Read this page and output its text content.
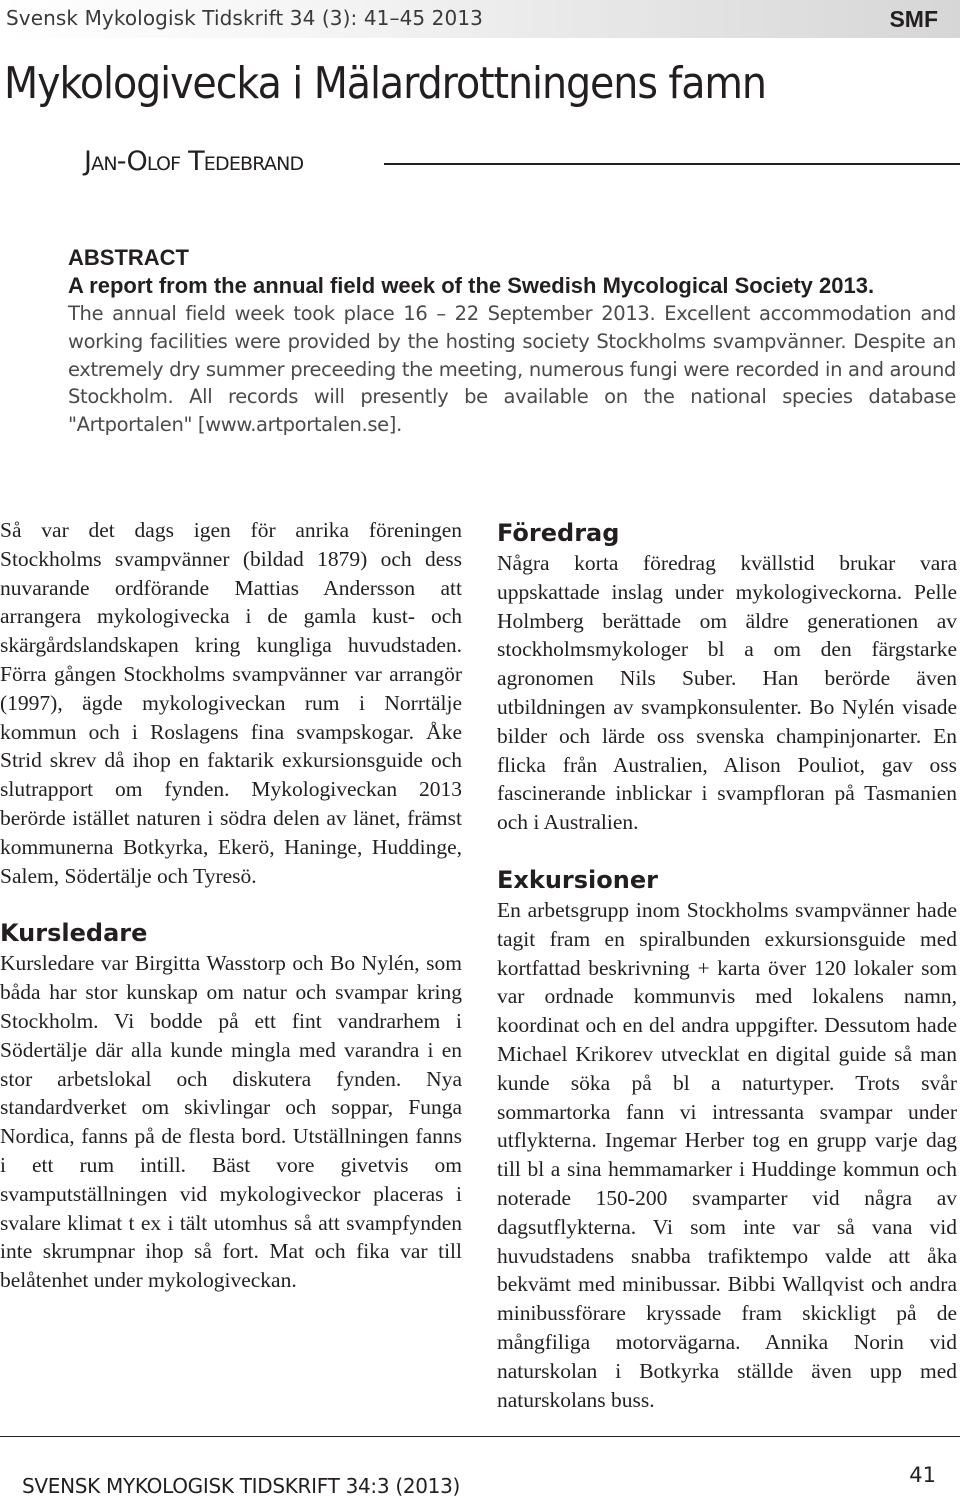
Svensk Mykologisk Tidskrift 34 (3): 41–45 2013	SMF
Mykologivecka i Mälardrottningens famn
Jan-Olof Tedebrand
ABSTRACT
A report from the annual field week of the Swedish Mycological Society 2013.

The annual field week took place 16 – 22 September 2013. Excellent accommodation and working facilities were provided by the hosting society Stockholms svampvänner. Despite an extremely dry summer preceeding the meeting, numerous fungi were recorded in and around Stockholm. All records will presently be available on the national species database "Artportalen" [www.artportalen.se].

Så var det dags igen för anrika föreningen Stockholms svampvänner (bildad 1879) och dess nuvarande ordförande Mattias Andersson att arrangera mykologivecka i de gamla kust- och skärgårdslandskapen kring kungliga huvudstaden. Förra gången Stockholms svampvänner var arrangör (1997), ägde mykologiveckan rum i Norrtälje kommun och i Roslagens fina svampskogar. Åke Strid skrev då ihop en faktarik exkursionsguide och slutrapport om fynden. Mykologiveckan 2013 berörde istället naturen i södra delen av länet, främst kommunerna Botkyrka, Ekerö, Haninge, Huddinge, Salem, Södertälje och Tyresö.

Kursledare

Kursledare var Birgitta Wasstorp och Bo Nylén, som båda har stor kunskap om natur och svampar kring Stockholm. Vi bodde på ett fint vandrarhem i Södertälje där alla kunde mingla med varandra i en stor arbetslokal och diskutera fynden. Nya standardverket om skivlingar och soppar, Funga Nordica, fanns på de flesta bord. Utställningen fanns i ett rum intill. Bäst vore givetvis om svamputställningen vid mykologiveckor placeras i svalare klimat t ex i tält utomhus så att svampfynden inte skrumpnar ihop så fort. Mat och fika var till belåtenhet under mykologiveckan.

Föredrag

Några korta föredrag kvällstid brukar vara uppskattade inslag under mykologiveckorna. Pelle Holmberg berättade om äldre generationen av stockholmsmykologer bl a om den färgstarke agronomen Nils Suber. Han berörde även utbildningen av svampkonsulenter. Bo Nylén visade bilder och lärde oss svenska champinjonarter. En flicka från Australien, Alison Pouliot, gav oss fascinerande inblickar i svampfloran på Tasmanien och i Australien.

Exkursioner

En arbetsgrupp inom Stockholms svampvänner hade tagit fram en spiralbunden exkursionsguide med kortfattad beskrivning + karta över 120 lokaler som var ordnade kommunvis med lokalens namn, koordinat och en del andra uppgifter. Dessutom hade Michael Krikorev utvecklat en digital guide så man kunde söka på bl a naturtyper. Trots svår sommartorka fann vi intressanta svampar under utflykterna. Ingemar Herber tog en grupp varje dag till bl a sina hemmamarker i Huddinge kommun och noterade 150-200 svamparter vid några av dagsutflykterna. Vi som inte var så vana vid huvudstadens snabba trafiktempo valde att åka bekvämt med minibussar. Bibbi Wallqvist och andra minibussförare kryssade fram skickligt på de mångfiliga motorvägarna. Annika Norin vid naturskolan i Botkyrka ställde även upp med naturskolans buss.

SVENSK MYKOLOGISK TIDSKRIFT 34:3 (2013)	41
